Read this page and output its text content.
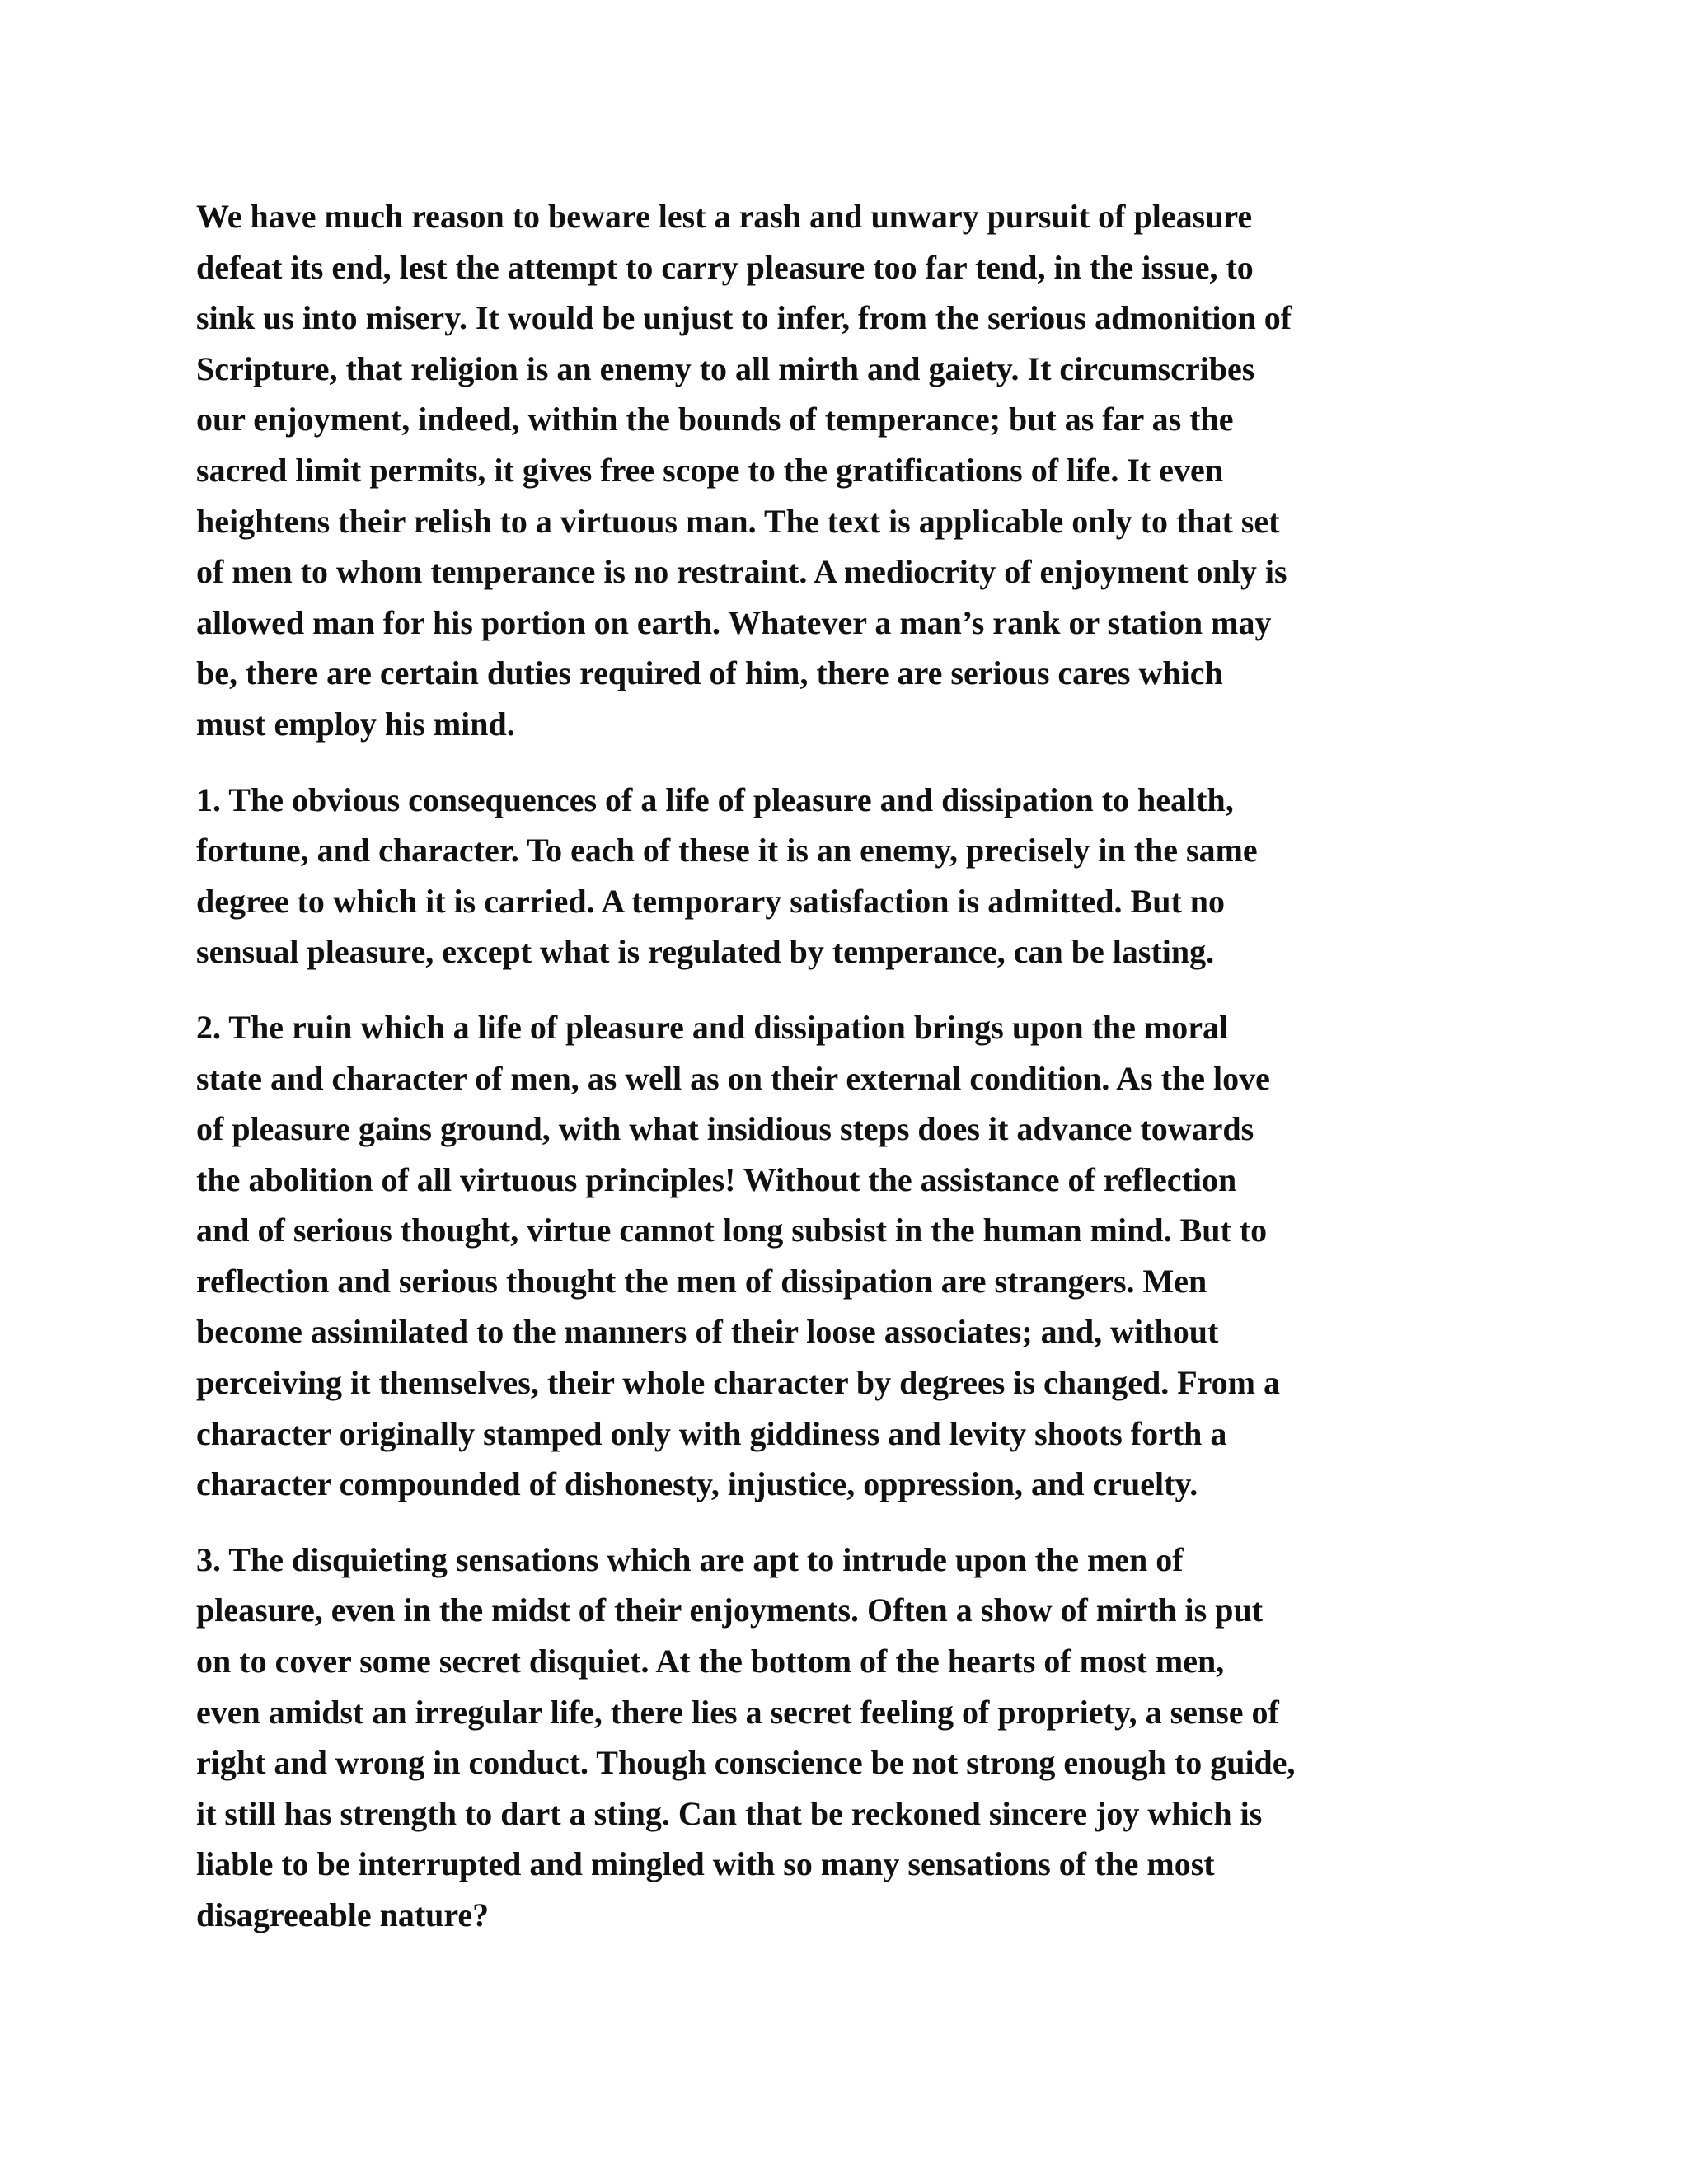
We have much reason to beware lest a rash and unwary pursuit of pleasure
defeat its end, lest the attempt to carry pleasure too far tend, in the issue, to
sink us into misery. It would be unjust to infer, from the serious admonition of
Scripture, that religion is an enemy to all mirth and gaiety. It circumscribes
our enjoyment, indeed, within the bounds of temperance; but as far as the
sacred limit permits, it gives free scope to the gratifications of life. It even
heightens their relish to a virtuous man. The text is applicable only to that set
of men to whom temperance is no restraint. A mediocrity of enjoyment only is
allowed man for his portion on earth. Whatever a man’s rank or station may
be, there are certain duties required of him, there are serious cares which
must employ his mind.

1. The obvious consequences of a life of pleasure and dissipation to health,
fortune, and character. To each of these it is an enemy, precisely in the same
degree to which it is carried. A temporary satisfaction is admitted. But no
sensual pleasure, except what is regulated by temperance, can be lasting.

2. The ruin which a life of pleasure and dissipation brings upon the moral
state and character of men, as well as on their external condition. As the love
of pleasure gains ground, with what insidious steps does it advance towards
the abolition of all virtuous principles! Without the assistance of reflection
and of serious thought, virtue cannot long subsist in the human mind. But to
reflection and serious thought the men of dissipation are strangers. Men
become assimilated to the manners of their loose associates; and, without
perceiving it themselves, their whole character by degrees is changed. From a
character originally stamped only with giddiness and levity shoots forth a
character compounded of dishonesty, injustice, oppression, and cruelty.

3. The disquieting sensations which are apt to intrude upon the men of
pleasure, even in the midst of their enjoyments. Often a show of mirth is put
on to cover some secret disquiet. At the bottom of the hearts of most men,
even amidst an irregular life, there lies a secret feeling of propriety, a sense of
right and wrong in conduct. Though conscience be not strong enough to guide,
it still has strength to dart a sting. Can that be reckoned sincere joy which is
liable to be interrupted and mingled with so many sensations of the most
disagreeable nature?
